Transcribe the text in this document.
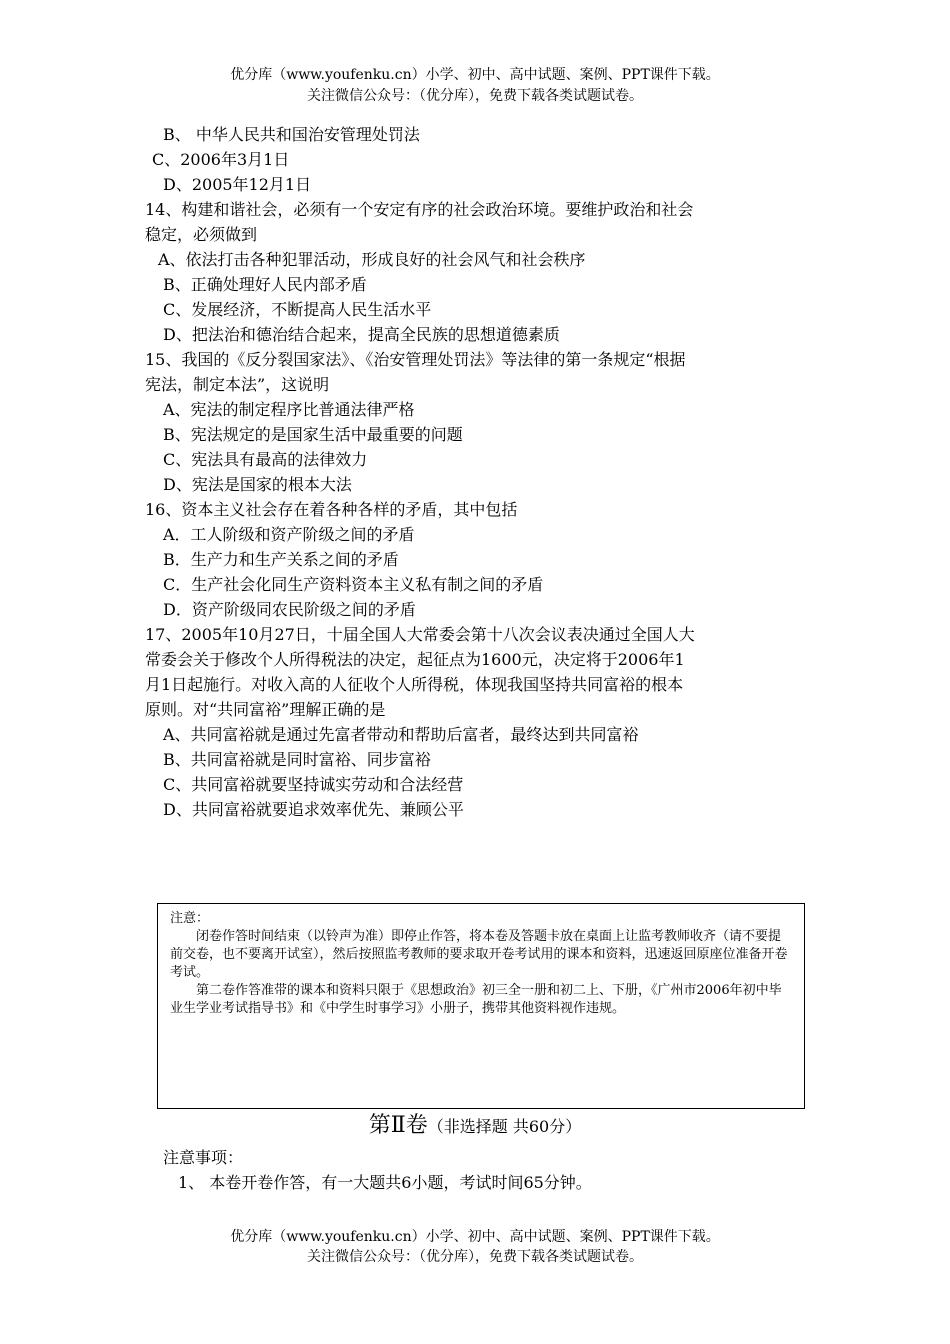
优分库（www.youfenku.cn）小学、初中、高中试题、案例、PPT课件下载。
关注微信公众号：（优分库），免费下载各类试题试卷。
B、 中华人民共和国治安管理处罚法
C、2006年3月1日
D、2005年12月1日
14、构建和谐社会，必须有一个安定有序的社会政治环境。要维护政治和社会
稳定，必须做到
A、依法打击各种犯罪活动，形成良好的社会风气和社会秩序
B、正确处理好人民内部矛盾
C、发展经济，不断提高人民生活水平
D、把法治和德治结合起来，提高全民族的思想道德素质
15、我国的《反分裂国家法》、《治安管理处罚法》等法律的第一条规定“根据
宪法，制定本法”，这说明
A、宪法的制定程序比普通法律严格
B、宪法规定的是国家生活中最重要的问题
C、宪法具有最高的法律效力
D、宪法是国家的根本大法
16、资本主义社会存在着各种各样的矛盾，其中包括
A．工人阶级和资产阶级之间的矛盾
B．生产力和生产关系之间的矛盾
C．生产社会化同生产资料资本主义私有制之间的矛盾
D．资产阶级同农民阶级之间的矛盾
17、2005年10月27日，十届全国人大常委会第十八次会议表决通过全国人大
常委会关于修改个人所得税法的决定，起征点为1600元，决定将于2006年1
月1日起施行。对收入高的人征收个人所得税，体现我国坚持共同富裕的根本
原则。对“共同富裕”理解正确的是
A、共同富裕就是通过先富者带动和帮助后富者，最终达到共同富裕
B、共同富裕就是同时富裕、同步富裕
C、共同富裕就要坚持诚实劳动和合法经营
D、共同富裕就要追求效率优先、兼顾公平

注意：

闭卷作答时间结束（以铃声为准）即停止作答，将本卷及答题卡放在桌面上让监考教师收齐（请不要提前交卷，也不要离开试室），然后按照监考教师的要求取开卷考试用的课本和资料，迅速返回原座位准备开卷考试。

第二卷作答准带的课本和资料只限于《思想政治》初三全一册和初二上、下册，《广州市2006年初中毕业生学业考试指导书》和《中学生时事学习》小册子，携带其他资料视作违规。

第Ⅱ卷（非选择题 共60分）
注意事项：
1、 本卷开卷作答，有一大题共6小题，考试时间65分钟。
优分库（www.youfenku.cn）小学、初中、高中试题、案例、PPT课件下载。
关注微信公众号：（优分库），免费下载各类试题试卷。
